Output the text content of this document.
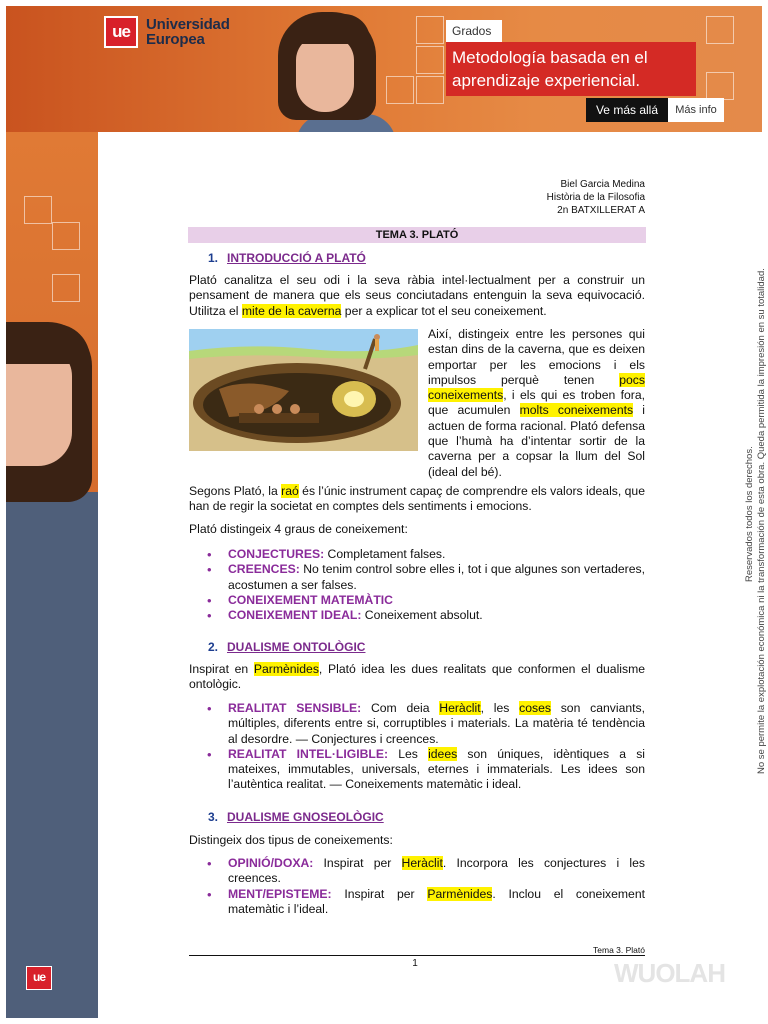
ue	Universidad
Europea	Grados
Metodología basada en el aprendizaje experiencial.
Ve más allá	Más info
ue
Reservados todos los derechos. No se permite la explotación económica ni la transformación de esta obra. Queda permitida la impresión en su totalidad.
Biel Garcia Medina
Història de la Filosofia
2n BATXILLERAT A
TEMA 3. PLATÓ
1. INTRODUCCIÓ A PLATÓ
Plató canalitza el seu odi i la seva ràbia intel·lectualment per a construir un pensament de manera que els seus conciutadans entenguin la seva equivocació. Utilitza el mite de la caverna per a explicar tot el seu coneixement.
Així, distingeix entre les persones qui estan dins de la caverna, que es deixen emportar per les emocions i els impulsos perquè tenen pocs coneixements, i els qui es troben fora, que acumulen molts coneixements i actuen de forma racional. Plató defensa que l’humà ha d’intentar sortir de la caverna per a copsar la llum del Sol (ideal del bé).
Segons Plató, la raó és l’únic instrument capaç de comprendre els valors ideals, que han de regir la societat en comptes dels sentiments i emocions.
Plató distingeix 4 graus de coneixement:
• CONJECTURES: Completament falses.
• CREENCES: No tenim control sobre elles i, tot i que algunes son vertaderes, acostumen a ser falses.
• CONEIXEMENT MATEMÀTIC
• CONEIXEMENT IDEAL: Coneixement absolut.
2. DUALISME ONTOLÒGIC
Inspirat en Parmènides, Plató idea les dues realitats que conformen el dualisme ontològic.
• REALITAT SENSIBLE: Com deia Heràclit, les coses son canviants, múltiples, diferents entre si, corruptibles i materials. La matèria té tendència al desordre. — Conjectures i creences.
• REALITAT INTEL·LIGIBLE: Les idees son úniques, idèntiques a si mateixes, immutables, universals, eternes i immaterials. Les idees son l’autèntica realitat. — Coneixements matemàtic i ideal.
3. DUALISME GNOSEOLÒGIC
Distingeix dos tipus de coneixements:
• OPINIÓ/DOXA: Inspirat per Heràclit. Incorpora les conjectures i les creences.
• MENT/EPISTEME: Inspirat per Parmènides. Inclou el coneixement matemàtic i l’ideal.
Tema 3. Plató
1	WUOLAH
